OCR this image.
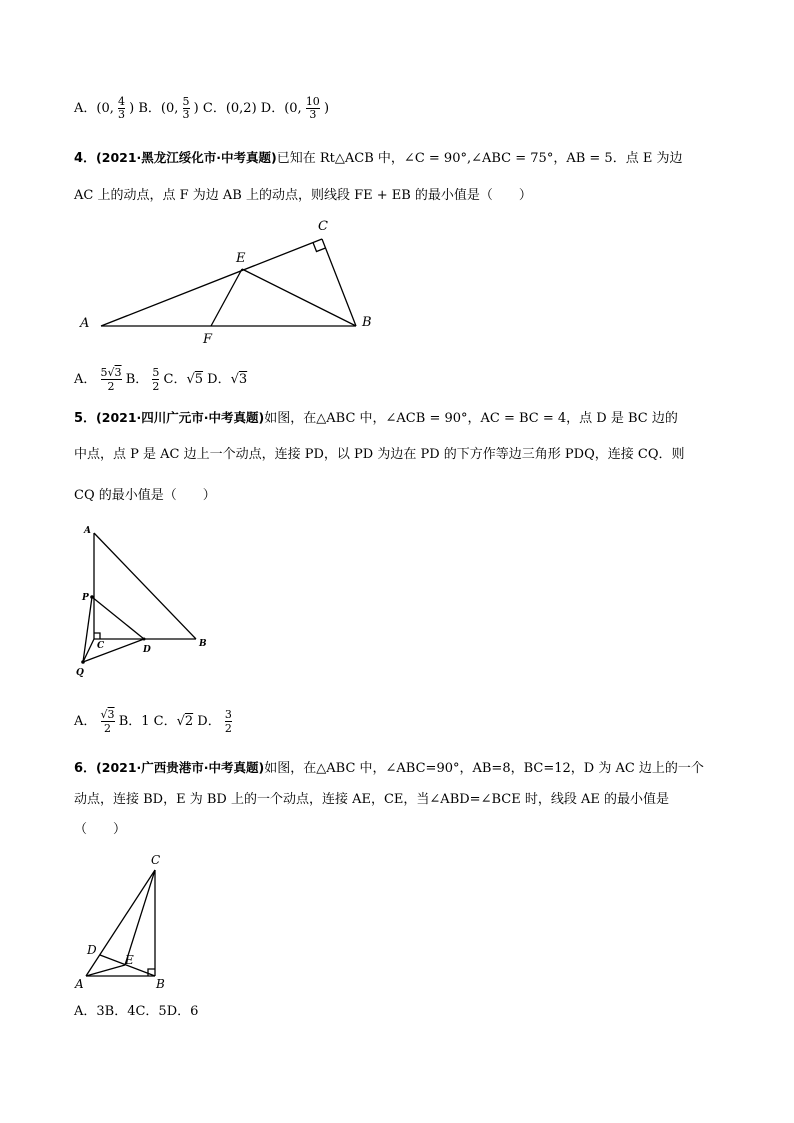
A．(0, $\frac{4}{3}$ ) B．(0, $\frac{5}{3}$ ) C．(0,2) D．(0, $\frac{10}{3}$ )
4．(2021·黑龙江绥化市·中考真题)已知在 Rt△ACB 中，∠C = 90°,∠ABC = 75°，AB = 5．点 E 为边
AC 上的动点，点 F 为边 AB 上的动点，则线段 FE + EB 的最小值是（　　）
A	B
C
E
F
A． $\frac{5√3}{2}$ B． $\frac{5}{2}$ C．√5 D．√3
5．(2021·四川广元市·中考真题)如图，在△ABC 中，∠ACB = 90°，AC = BC = 4，点 D 是 BC 边的
中点，点 P 是 AC 边上一个动点，连接 PD，以 PD 为边在 PD 的下方作等边三角形 PDQ，连接 CQ．则
CQ 的最小值是（　　）
A
P
C	D
B
Q
A． $\frac{√3}{2}$ B．1 C．√2 D． $\frac{3}{2}$
6．(2021·广西贵港市·中考真题)如图，在△ABC 中，∠ABC=90°，AB=8，BC=12，D 为 AC 边上的一个
动点，连接 BD，E 为 BD 上的一个动点，连接 AE，CE，当∠ABD=∠BCE 时，线段 AE 的最小值是
（　　）
C
D
E
A	B
A．3B．4C．5D．6
